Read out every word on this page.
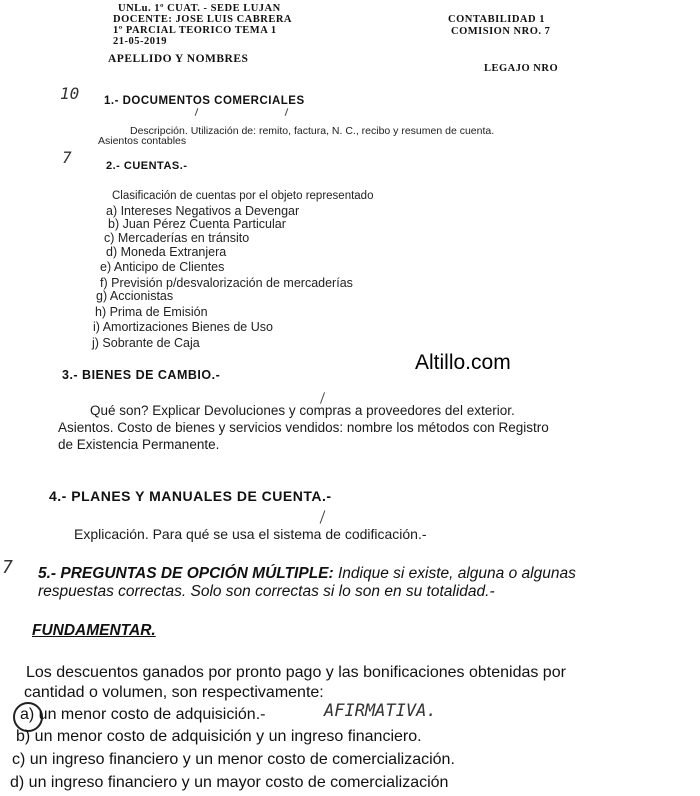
UNLu. 1º CUAT. - SEDE LUJAN
DOCENTE: JOSE LUIS CABRERA
1º PARCIAL TEORICO TEMA 1
21-05-2019
APELLIDO Y NOMBRES
CONTABILIDAD 1
COMISION NRO. 7
LEGAJO NRO
10 1.- DOCUMENTOS COMERCIALES
Descripción. Utilización de: remito, factura, N. C., recibo y resumen de cuenta.
Asientos contables
7	2.- CUENTAS.-
Clasificación de cuentas por el objeto representado
a) Intereses Negativos a Devengar
b) Juan Pérez Cuenta Particular
c) Mercaderías en tránsito
d) Moneda Extranjera
e) Anticipo de Clientes
f) Previsión p/desvalorización de mercaderías
g) Accionistas
h) Prima de Emisión
i) Amortizaciones Bienes de Uso
j) Sobrante de Caja
Altillo.com
3.- BIENES DE CAMBIO.-
Qué son? Explicar Devoluciones y compras a proveedores del exterior.
Asientos. Costo de bienes y servicios vendidos: nombre los métodos con Registro
de Existencia Permanente.
4.- PLANES Y MANUALES DE CUENTA.-
Explicación. Para qué se usa el sistema de codificación.-
7 5.- PREGUNTAS DE OPCIÓN MÚLTIPLE: Indique si existe, alguna o algunas
respuestas correctas. Solo son correctas si lo son en su totalidad.-
FUNDAMENTAR.
Los descuentos ganados por pronto pago y las bonificaciones obtenidas por
cantidad o volumen, son respectivamente:
a) un menor costo de adquisición.-	AFIRMATIVA.
b) un menor costo de adquisición y un ingreso financiero.
c) un ingreso financiero y un menor costo de comercialización.
d) un ingreso financiero y un mayor costo de comercialización
